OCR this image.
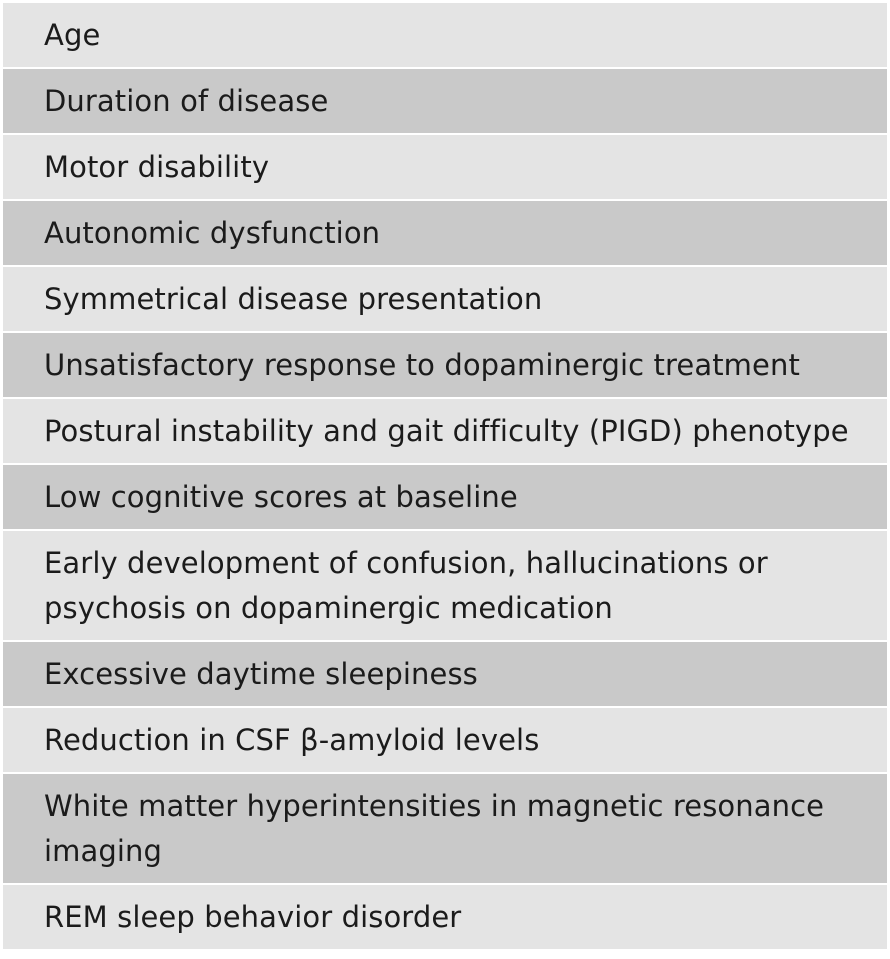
Age
Duration of disease
Motor disability
Autonomic dysfunction
Symmetrical disease presentation
Unsatisfactory response to dopaminergic treatment
Postural instability and gait difficulty (PIGD) phenotype
Low cognitive scores at baseline
Early development of confusion, hallucinations or psychosis on dopaminergic medication
Excessive daytime sleepiness
Reduction in CSF β-amyloid levels
White matter hyperintensities in magnetic resonance imaging
REM sleep behavior disorder
